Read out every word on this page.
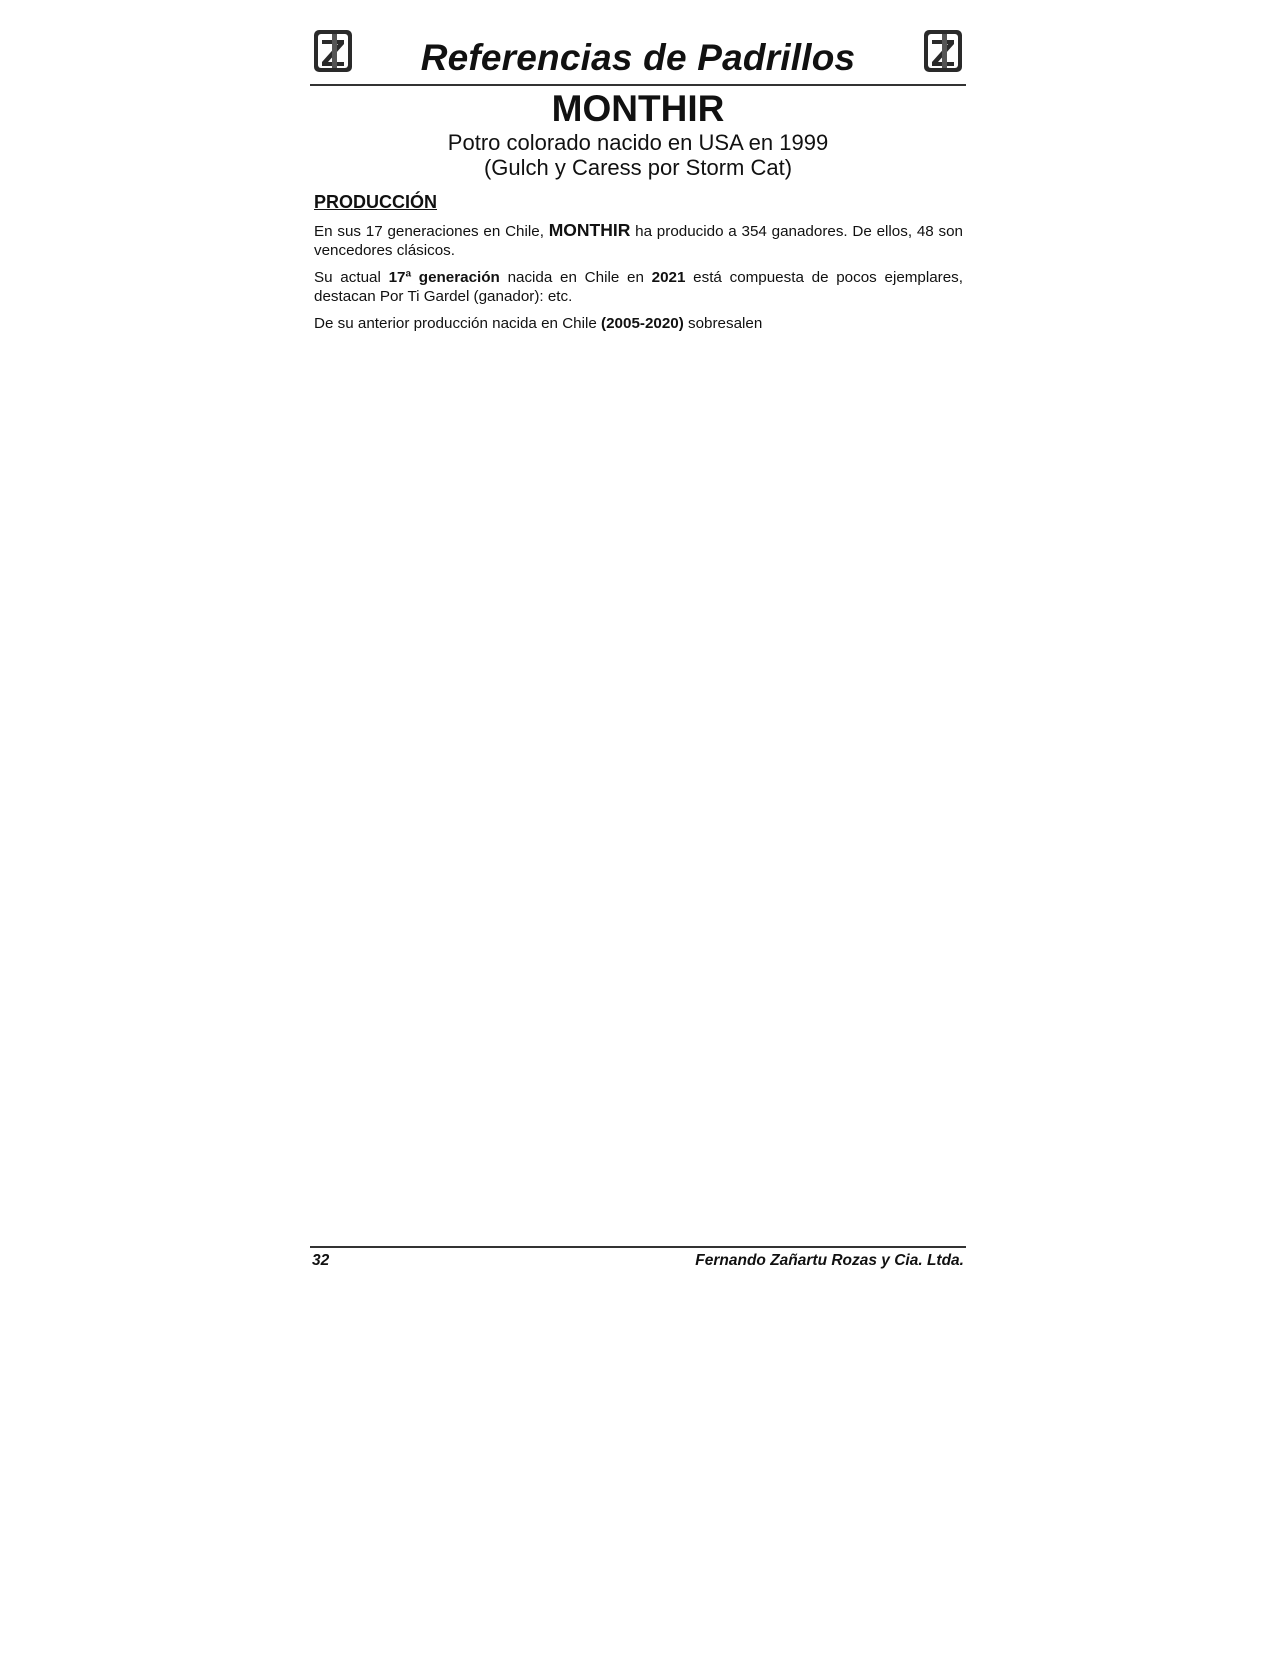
Referencias de Padrillos
MONTHIR
Potro colorado nacido en USA en 1999
(Gulch y Caress por Storm Cat)
PRODUCCIÓN

En sus 17 generaciones en Chile, MONTHIR ha producido a 354 ganadores. De ellos, 48 son vencedores clásicos.

Su actual 17ª generación nacida en Chile en 2021 está compuesta de pocos ejemplares, destacan Por Ti Gardel (ganador): etc.

De su anterior producción nacida en Chile (2005-2020) sobresalen

32	Fernando Zañartu Rozas y Cia. Ltda.
